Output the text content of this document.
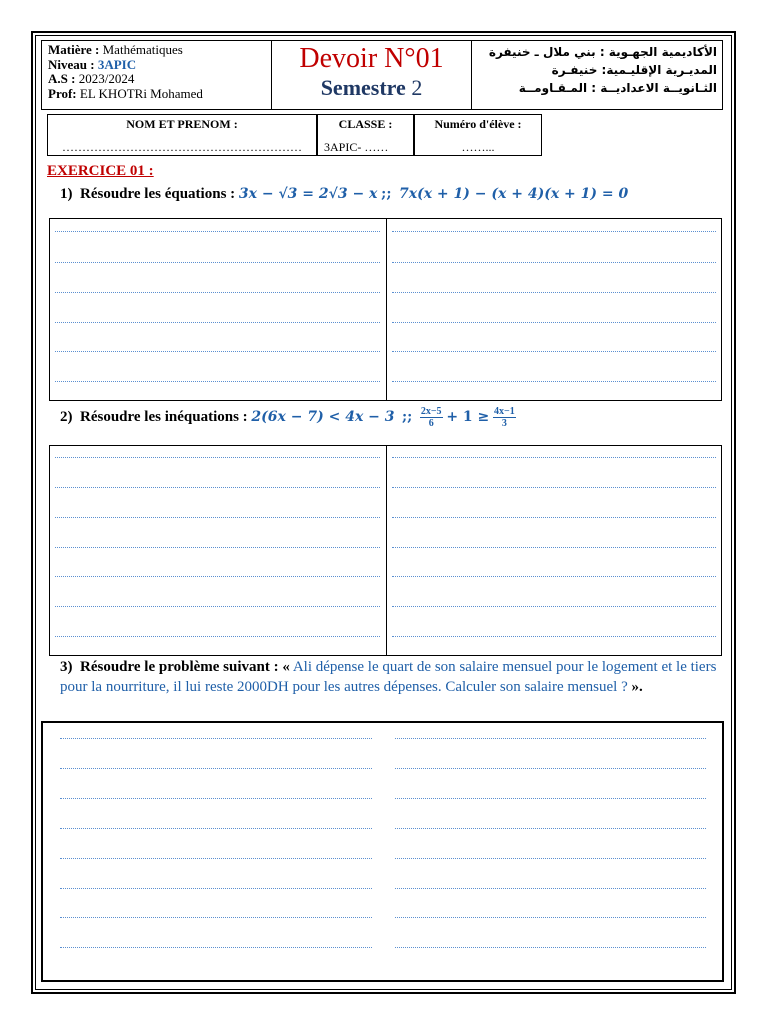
Matière : Mathématiques
Niveau : 3APIC
A.S : 2023/2024
Prof: EL KHOTRi Mohamed
Devoir N°01
Semestre 2
الأكاديمية الجهـوية : بني ملال ـ خنيفرة
المديـرية الإقليـمية: خنيفـرة
الثـانويــة الاعداديــة : المـقـاومــة
NOM ET PRENOM :
……………………………………………………
CLASSE :
3APIC- ……
Numéro d'élève :
……...
EXERCICE 01 :
1) Résoudre les équations : 3x − √3 = 2√3 − x ;; 7x(x + 1) − (x + 4)(x + 1) = 0
2) Résoudre les inéquations : 2(6x − 7) < 4x − 3 ;; $\frac{2x-5}{6} + 1 \ge \frac{4x-1}{3}$
3) Résoudre le problème suivant : « Ali dépense le quart de son salaire mensuel pour le logement et le tiers pour la nourriture, il lui reste 2000DH pour les autres dépenses. Calculer son salaire mensuel ? ».
